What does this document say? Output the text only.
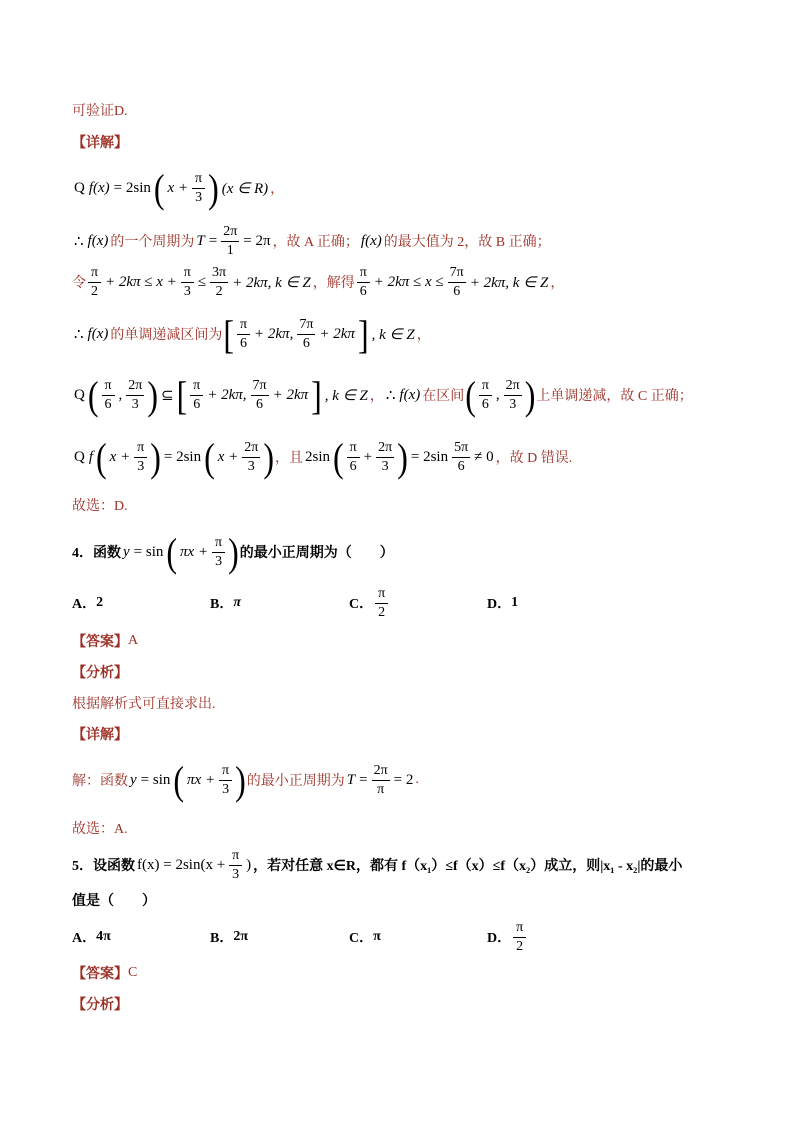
可验证D.
【详解】
Q f(x) = 2sin ( $x + \frac{\pi}{3}$ ) (x ∈ R) ，
∴ f(x) 的一个周期为 $T = \frac{2\pi}{1} = 2\pi$ ，故 A 正确； f(x) 的最大值为 2，故 B 正确；
令 $\frac{\pi}{2} + 2k\pi \le x + \frac{\pi}{3} \le \frac{3\pi}{2} + 2k\pi$, k ∈ Z ，解得 $\frac{\pi}{6} + 2k\pi \le x \le \frac{7\pi}{6} + 2k\pi$, k ∈ Z ，
∴ f(x) 的单调递减区间为 [ $\frac{\pi}{6} + 2k\pi$, $\frac{7\pi}{6} + 2k\pi$ ] , k ∈ Z ，
Q ( $\frac{\pi}{6}$ , $\frac{2\pi}{3}$ ) ⊆ [ $\frac{\pi}{6} + 2k\pi$, $\frac{7\pi}{6} + 2k\pi$ ] , k ∈ Z ， ∴ f(x) 在区间 ( $\frac{\pi}{6}$ , $\frac{2\pi}{3}$ ) 上单调递减，故 C 正确；
Q f ( $x + \frac{\pi}{3}$ ) = 2sin ( $x + \frac{2\pi}{3}$ ) ，且 2sin ( $\frac{\pi}{6} + \frac{2\pi}{3}$ ) = $2\sin \frac{5\pi}{6} \ne 0$ ，故 D 错误.
故选：D.
4．函数 y = sin ( $\pi x + \frac{\pi}{3}$ ) 的最小正周期为（　　）
A． 2	B． π	C． $\frac{\pi}{2}$	D． 1
【答案】 A
【分析】
根据解析式可直接求出.
【详解】
解：函数 y = sin ( $\pi x + \frac{\pi}{3}$ ) 的最小正周期为 $T = \frac{2\pi}{\pi} = 2$ .
故选：A.
5．设函数 $f(x) = 2\sin(x + \frac{\pi}{3}$ ) ，若对任意 x∈R，都有 f（x₁）≤f（x）≤f（x₂）成立，则|x₁ - x₂|的最小
值是（　　）
A． 4π	B． 2π	C． π	D． $\frac{\pi}{2}$
【答案】 C
【分析】
